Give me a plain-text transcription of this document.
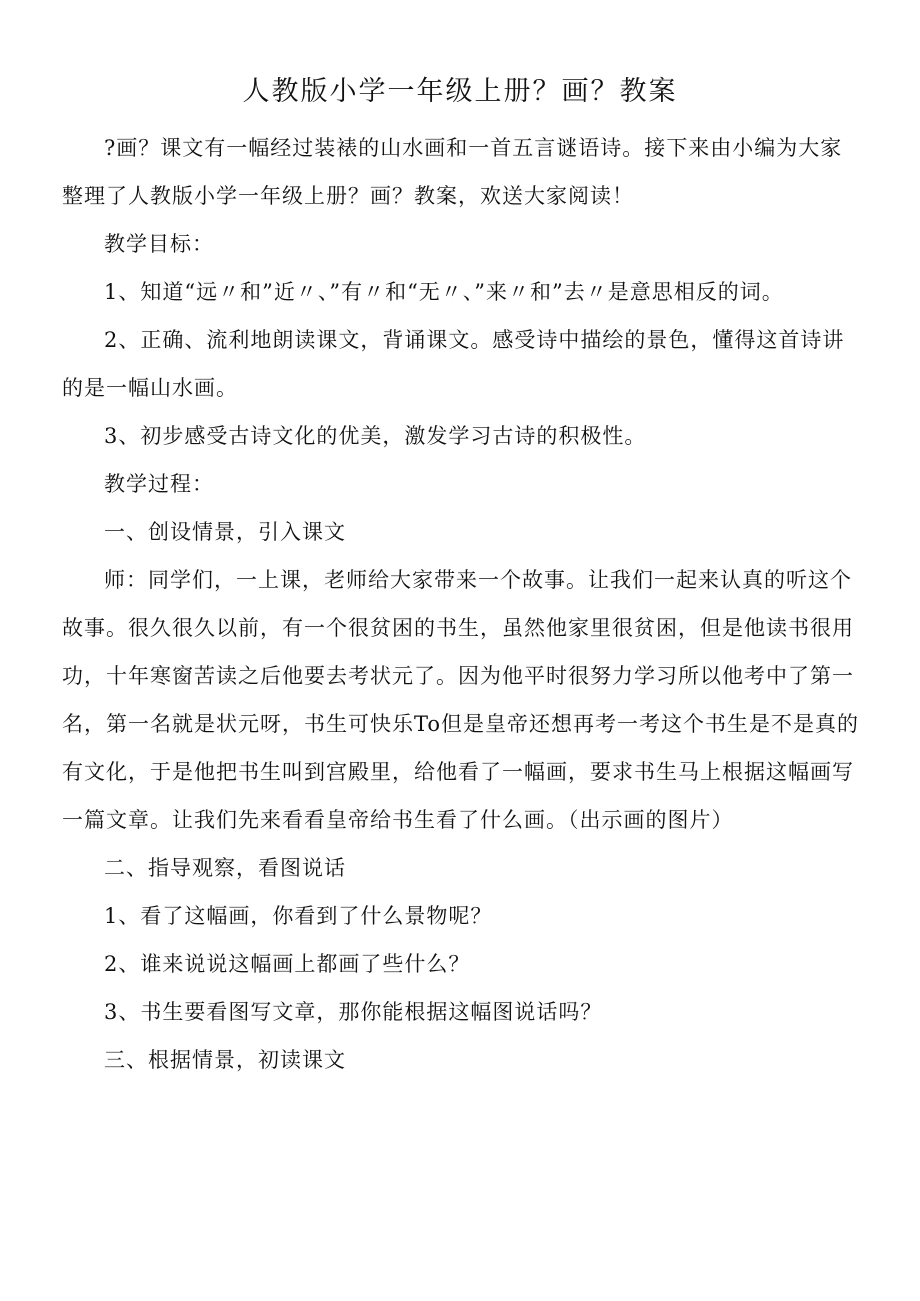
人教版小学一年级上册？画？教案

?画？课文有一幅经过装裱的山水画和一首五言谜语诗。接下来由小编为大家整理了人教版小学一年级上册？画？教案，欢送大家阅读！

教学目标：

1、知道“远〃和”近〃、”有〃和“无〃、”来〃和”去〃是意思相反的词。

2、正确、流利地朗读课文，背诵课文。感受诗中描绘的景色，懂得这首诗讲的是一幅山水画。

3、初步感受古诗文化的优美，激发学习古诗的积极性。

教学过程：

一、创设情景，引入课文

师：同学们，一上课，老师给大家带来一个故事。让我们一起来认真的听这个故事。很久很久以前，有一个很贫困的书生，虽然他家里很贫困，但是他读书很用功，十年寒窗苦读之后他要去考状元了。因为他平时很努力学习所以他考中了第一名，第一名就是状元呀，书生可快乐To但是皇帝还想再考一考这个书生是不是真的有文化，于是他把书生叫到宫殿里，给他看了一幅画，要求书生马上根据这幅画写一篇文章。让我们先来看看皇帝给书生看了什么画。（出示画的图片）

二、指导观察，看图说话

1、看了这幅画，你看到了什么景物呢？

2、谁来说说这幅画上都画了些什么？

3、书生要看图写文章，那你能根据这幅图说话吗？

三、根据情景，初读课文
